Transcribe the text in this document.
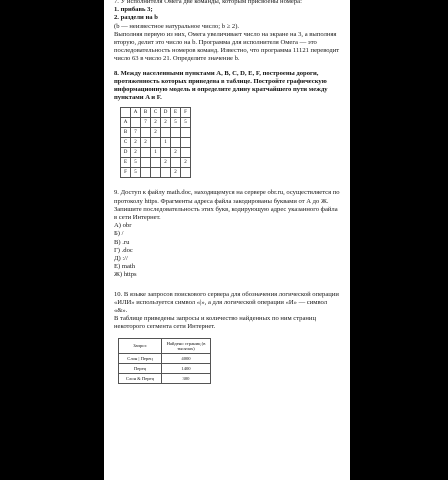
7. У исполнителя Омега две команды, которым присвоены номера:

1. прибавь 3;

2. раздели на b

(b — неизвестное натуральное число; b ≥ 2).

Выполняя первую из них, Омега увеличивает число на экране на 3, а выполняя вторую, делит это число на b. Программа для исполнителя Омега — это последовательность номеров команд. Известно, что программа 11121 переводит число 63 в число 21. Определите значение b.

8. Между населенными пунктами A, B, C, D, E, F, построены дороги, протяженность которых приведена в таблице. Постройте графическую информационную модель и определите длину кратчайшего пути между пунктами A и F.

	A	B	C	D	E	F
A		7	2	2	5	5
B	7		2			
C	2	2		1		
D	2		1		2	
E	5			2		2
F	5				2	

9. Доступ к файлу math.doc, находящемуся на сервере obr.ru, осуществляется по протоколу https. Фрагменты адреса файла закодированы буквами от А до Ж. Запишите последовательность этих букв, кодирующую адрес указанного файла в сети Интернет.

А) obr

Б) /

В) .ru

Г) .doc

Д) ://

Е) math

Ж) https

10. В языке запросов поискового сервера для обозначения логической операции «ИЛИ» используется символ «|», а для логической операции «И» — символ «&».

В таблице приведены запросы и количество найденных по ним страниц некоторого сегмента сети Интернет.

Запрос	Найдено страниц (в тысячах)
Слон | Перец	4000
Перец	1400
Слон & Перец	300
